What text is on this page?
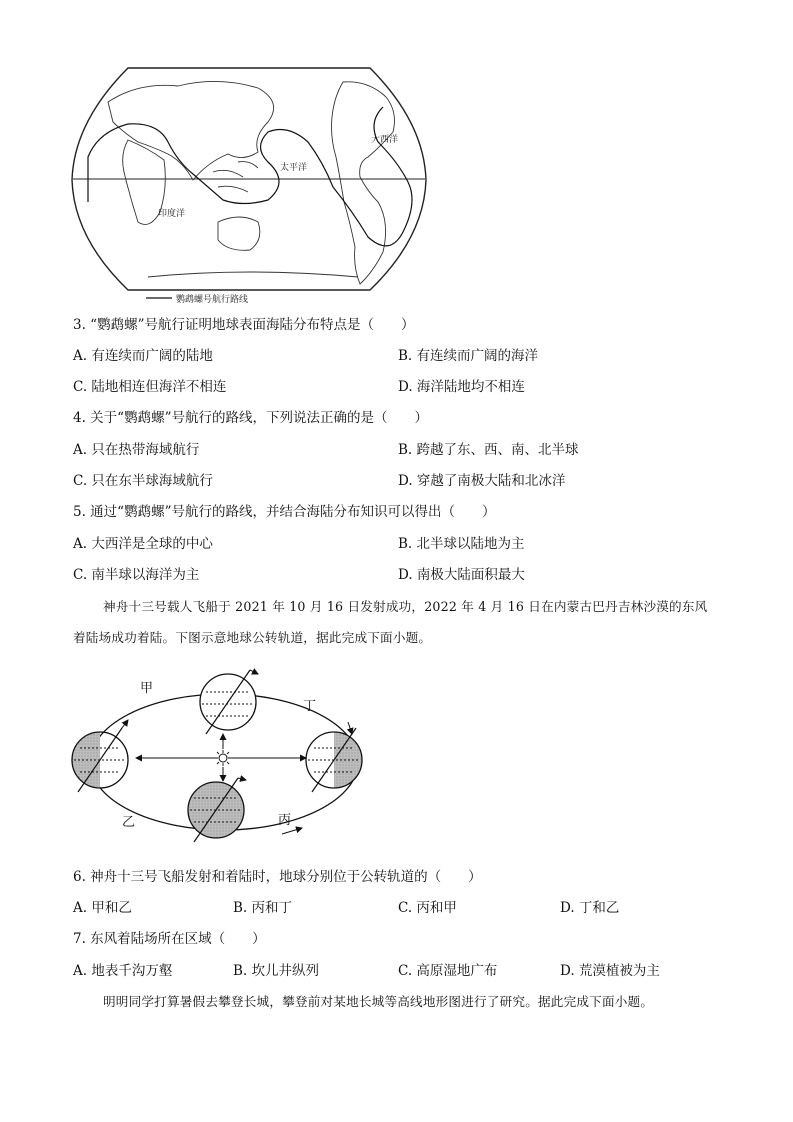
太平洋
大西洋
印度洋
鹦鹉螺号航行路线
3. “鹦鹉螺”号航行证明地球表面海陆分布特点是（　　）
A. 有连续而广阔的陆地	B. 有连续而广阔的海洋
C. 陆地相连但海洋不相连	D. 海洋陆地均不相连
4. 关于“鹦鹉螺”号航行的路线，下列说法正确的是（　　）
A. 只在热带海域航行	B. 跨越了东、西、南、北半球
C. 只在东半球海域航行	D. 穿越了南极大陆和北冰洋
5. 通过“鹦鹉螺”号航行的路线，并结合海陆分布知识可以得出（　　）
A. 大西洋是全球的中心	B. 北半球以陆地为主
C. 南半球以海洋为主	D. 南极大陆面积最大
神舟十三号载人飞船于 2021 年 10 月 16 日发射成功，2022 年 4 月 16 日在内蒙古巴丹吉林沙漠的东风
着陆场成功着陆。下图示意地球公转轨道，据此完成下面小题。
甲
丁
乙	丙
6. 神舟十三号飞船发射和着陆时，地球分别位于公转轨道的（　　）
A. 甲和乙	B. 丙和丁	C. 丙和甲	D. 丁和乙
7. 东风着陆场所在区域（　　）
A. 地表千沟万壑	B. 坎儿井纵列	C. 高原湿地广布	D. 荒漠植被为主
明明同学打算暑假去攀登长城，攀登前对某地长城等高线地形图进行了研究。据此完成下面小题。
